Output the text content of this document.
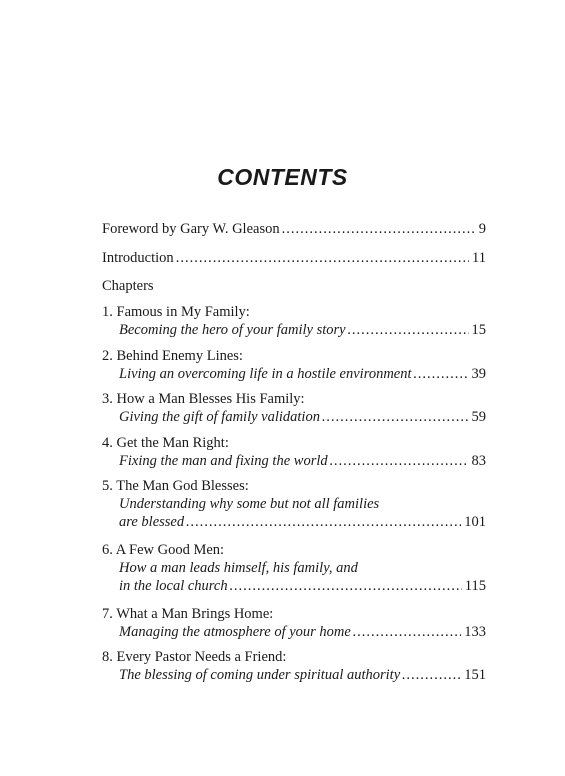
CONTENTS
Foreword by Gary W. Gleason .....	9
Introduction .....	11
Chapters
1. Famous in My Family:
Becoming the hero of your family story .....	15
2. Behind Enemy Lines:
Living an overcoming life in a hostile environment .....	39
3. How a Man Blesses His Family:
Giving the gift of family validation .....	59
4. Get the Man Right:
Fixing the man and fixing the world .....	83
5. The Man God Blesses:
Understanding why some but not all families
are blessed .....	101
6. A Few Good Men:
How a man leads himself, his family, and
in the local church .....	115
7. What a Man Brings Home:
Managing the atmosphere of your home .....	133
8. Every Pastor Needs a Friend:
The blessing of coming under spiritual authority .....	151
